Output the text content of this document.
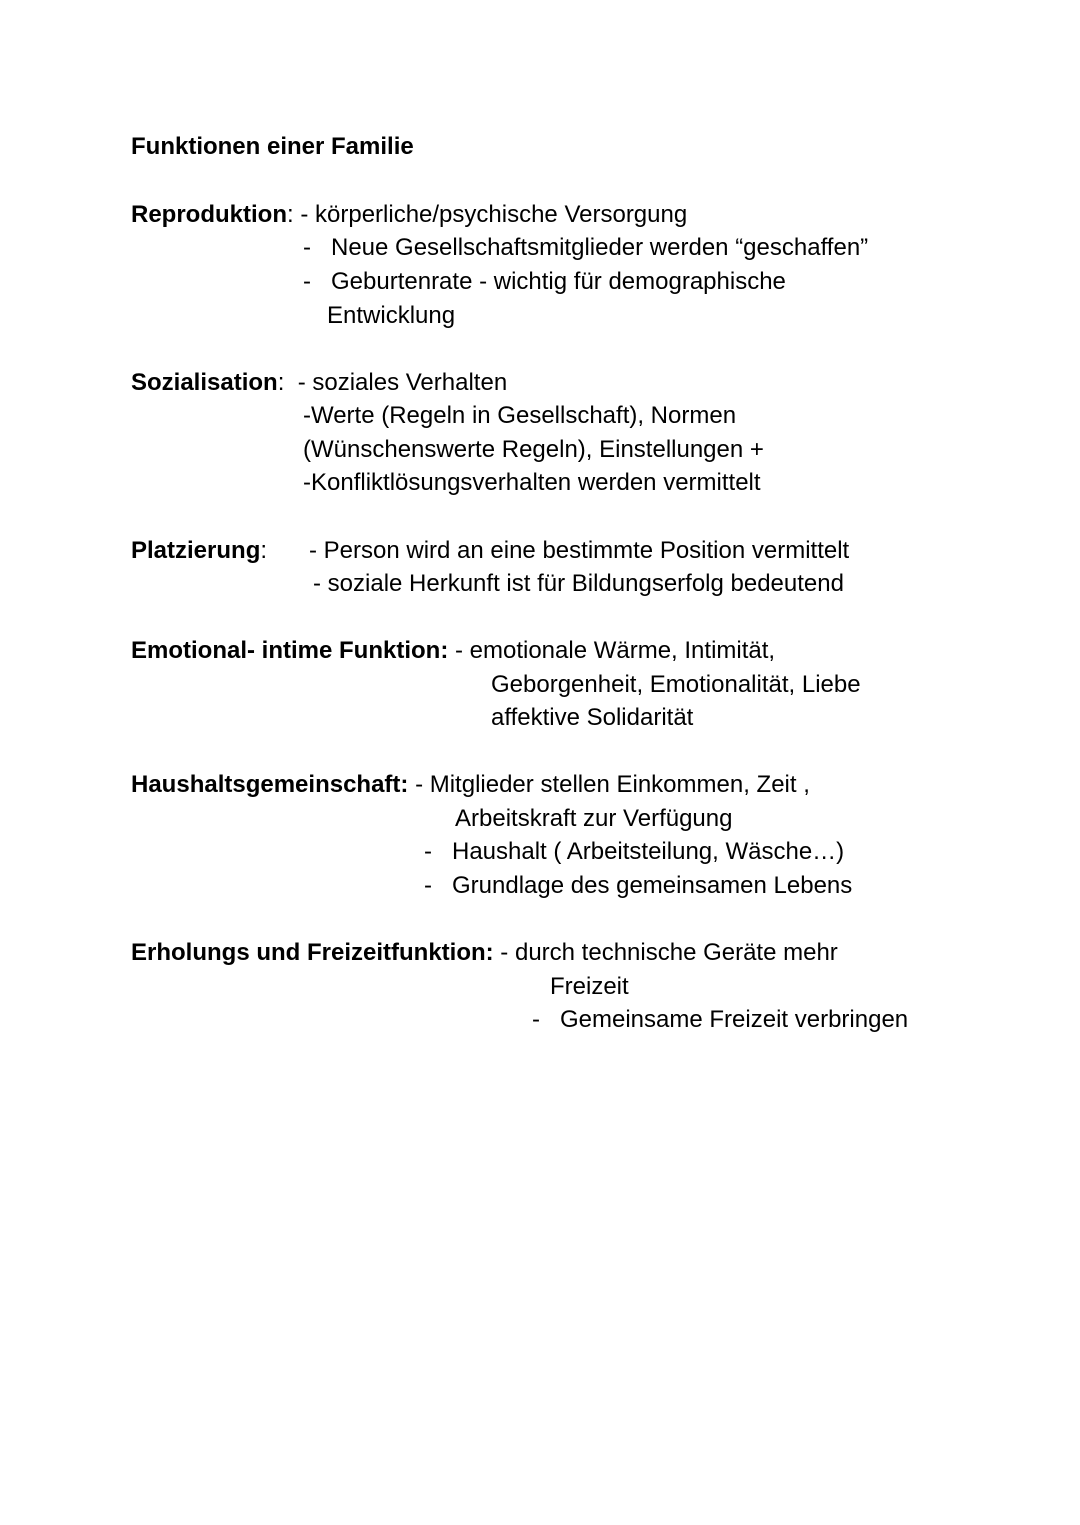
Funktionen einer Familie
Reproduktion: - körperliche/psychische Versorgung
-   Neue Gesellschaftsmitglieder werden “geschaffen”
-   Geburtenrate - wichtig für demographische
Entwicklung
Sozialisation:  - soziales Verhalten
-Werte (Regeln in Gesellschaft), Normen
(Wünschenswerte Regeln), Einstellungen +
-Konfliktlösungsverhalten werden vermittelt
Platzierung: - Person wird an eine bestimmte Position vermittelt
- soziale Herkunft ist für Bildungserfolg bedeutend
Emotional- intime Funktion: - emotionale Wärme, Intimität,
Geborgenheit, Emotionalität, Liebe
affektive Solidarität
Haushaltsgemeinschaft: - Mitglieder stellen Einkommen, Zeit ,
Arbeitskraft zur Verfügung
-   Haushalt ( Arbeitsteilung, Wäsche…)
-   Grundlage des gemeinsamen Lebens
Erholungs und Freizeitfunktion: - durch technische Geräte mehr
Freizeit
-   Gemeinsame Freizeit verbringen
